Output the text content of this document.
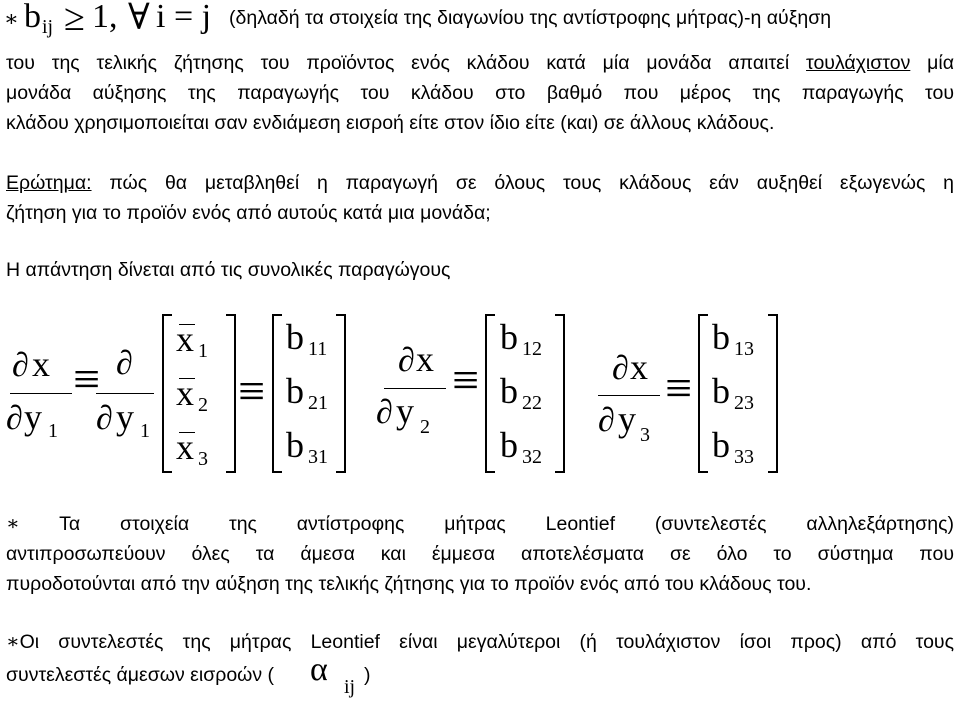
∗ b ij ≥ 1, ∀ i = j (δηλαδή τα στοιχεία της διαγωνίου της αντίστροφης μήτρας)-η αύξηση
του της τελικής ζήτησης του προϊόντος ενός κλάδου κατά μία μονάδα απαιτεί τουλάχιστον μία
μονάδα αύξησης της παραγωγής του κλάδου στο βαθμό που μέρος της παραγωγής του
κλάδου χρησιμοποιείται σαν ενδιάμεση εισροή είτε στον ίδιο είτε (και) σε άλλους κλάδους.
Ερώτημα: πώς θα μεταβληθεί η παραγωγή σε όλους τους κλάδους εάν αυξηθεί εξωγενώς η
ζήτηση για το προϊόν ενός από αυτούς κατά μια μονάδα;
Η απάντηση δίνεται από τις συνολικές παραγώγους
∂ x
∂ y 1
≡ ∂
∂ y 1
x 1
x 2
x 3
≡
b 11
b 21
b 31
∂ x
∂ y 2
≡
b 12
b 22
b 32
∂ x
∂ y 3
≡
b 13
b 23
b 33
∗ Τα στοιχεία της αντίστροφης μήτρας Leontief (συντελεστές αλληλεξάρτησης)
αντιπροσωπεύουν όλες τα άμεσα και έμμεσα αποτελέσματα σε όλο το σύστημα που
πυροδοτούνται από την αύξηση της τελικής ζήτησης για το προϊόν ενός από του κλάδους του.
∗Οι συντελεστές της μήτρας Leontief είναι μεγαλύτεροι (ή τουλάχιστον ίσοι προς) από τους
συντελεστές άμεσων εισροών ( α ij
)
